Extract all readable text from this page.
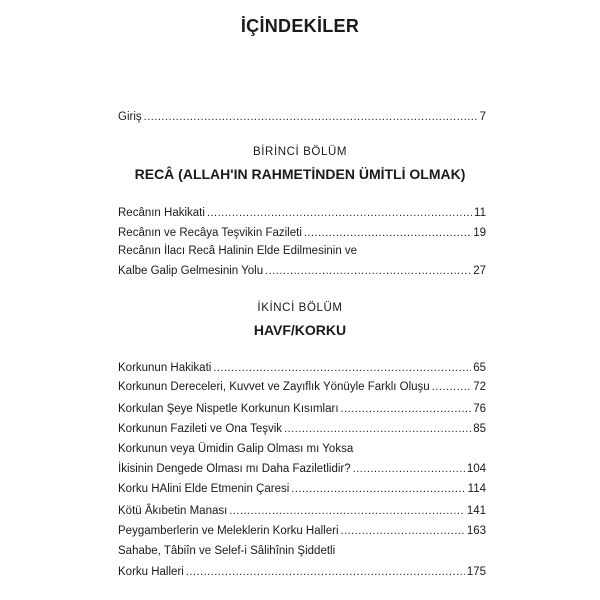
İÇİNDEKİLER
Giriş .....	7
BİRİNCİ BÖLÜM
RECÂ (ALLAH'IN RAHMETİNDEN ÜMİTLİ OLMAK)
Recânın Hakikati .....	11
Recânın ve Recâya Teşvikin Fazileti .....	19
Recânın İlacı Recâ Halinin Elde Edilmesinin ve
Kalbe Galip Gelmesinin Yolu .....	27
İKİNCİ BÖLÜM
HAVF/KORKU
Korkunun Hakikati .....	65
Korkunun Dereceleri, Kuvvet ve Zayıflık Yönüyle Farklı Oluşu .....	72
Korkulan Şeye Nispetle Korkunun Kısımları .....	76
Korkunun Fazileti ve Ona Teşvik .....	85
Korkunun veya Ümidin Galip Olması mı Yoksa
İkisinin Dengede Olması mı Daha Faziletlidir? .....	104
Korku HAlini Elde Etmenin Çaresi .....	114
Kötü Âkıbetin Manası .....	141
Peygamberlerin ve Meleklerin Korku Halleri .....	163
Sahabe, Tâbiîn ve Selef-i Sâlihînin Şiddetli
Korku Halleri .....	175
